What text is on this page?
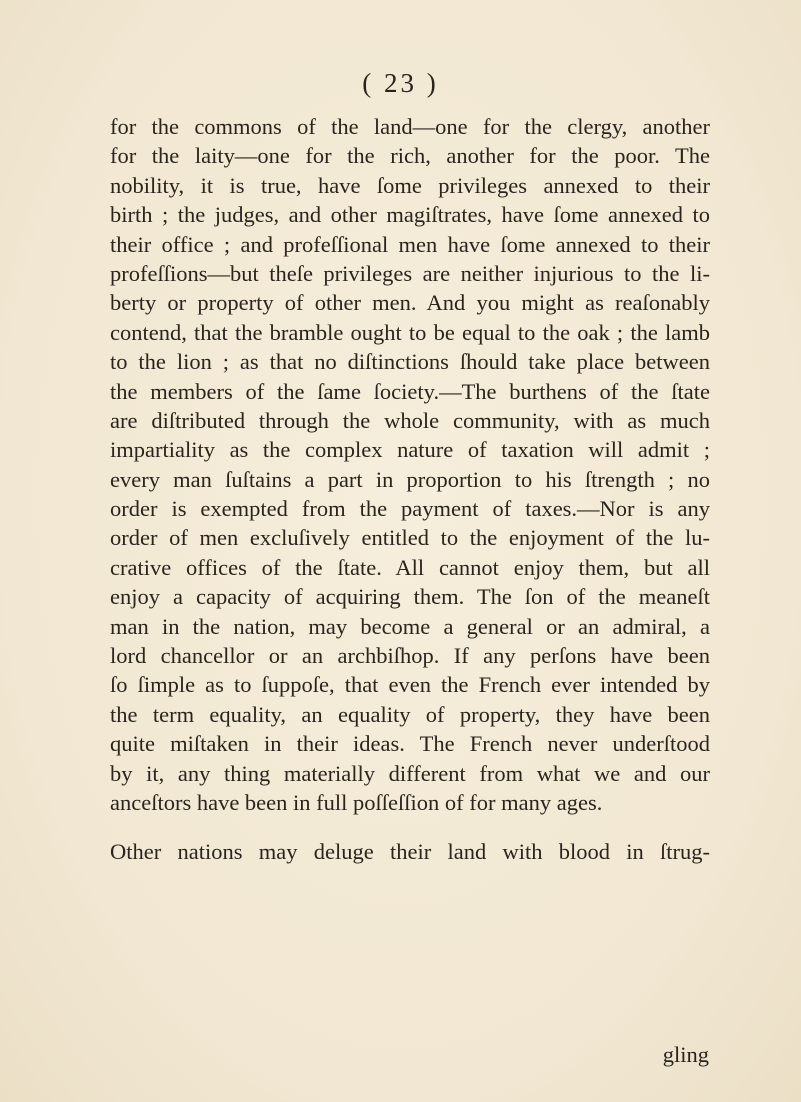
( 23 )
for the commons of the land—one for the clergy, another
for the laity—one for the rich, another for the poor. The
nobility, it is true, have ſome privileges annexed to their
birth ; the judges, and other magiſtrates, have ſome annexed to
their office ; and profeſſional men have ſome annexed to their
profeſſions—but theſe privileges are neither injurious to the li-
berty or property of other men. And you might as reaſonably
contend, that the bramble ought to be equal to the oak ; the lamb
to the lion ; as that no diſtinctions ſhould take place between
the members of the ſame ſociety.—The burthens of the ſtate
are diſtributed through the whole community, with as much
impartiality as the complex nature of taxation will admit ;
every man ſuſtains a part in proportion to his ſtrength ; no
order is exempted from the payment of taxes.—Nor is any
order of men excluſively entitled to the enjoyment of the lu-
crative offices of the ſtate. All cannot enjoy them, but all
enjoy a capacity of acquiring them. The ſon of the meaneſt
man in the nation, may become a general or an admiral, a
lord chancellor or an archbiſhop. If any perſons have been
ſo ſimple as to ſuppoſe, that even the French ever intended by
the term equality, an equality of property, they have been
quite miſtaken in their ideas. The French never underſtood
by it, any thing materially different from what we and our
anceſtors have been in full poſſeſſion of for many ages.
Other nations may deluge their land with blood in ſtrug-
gling
